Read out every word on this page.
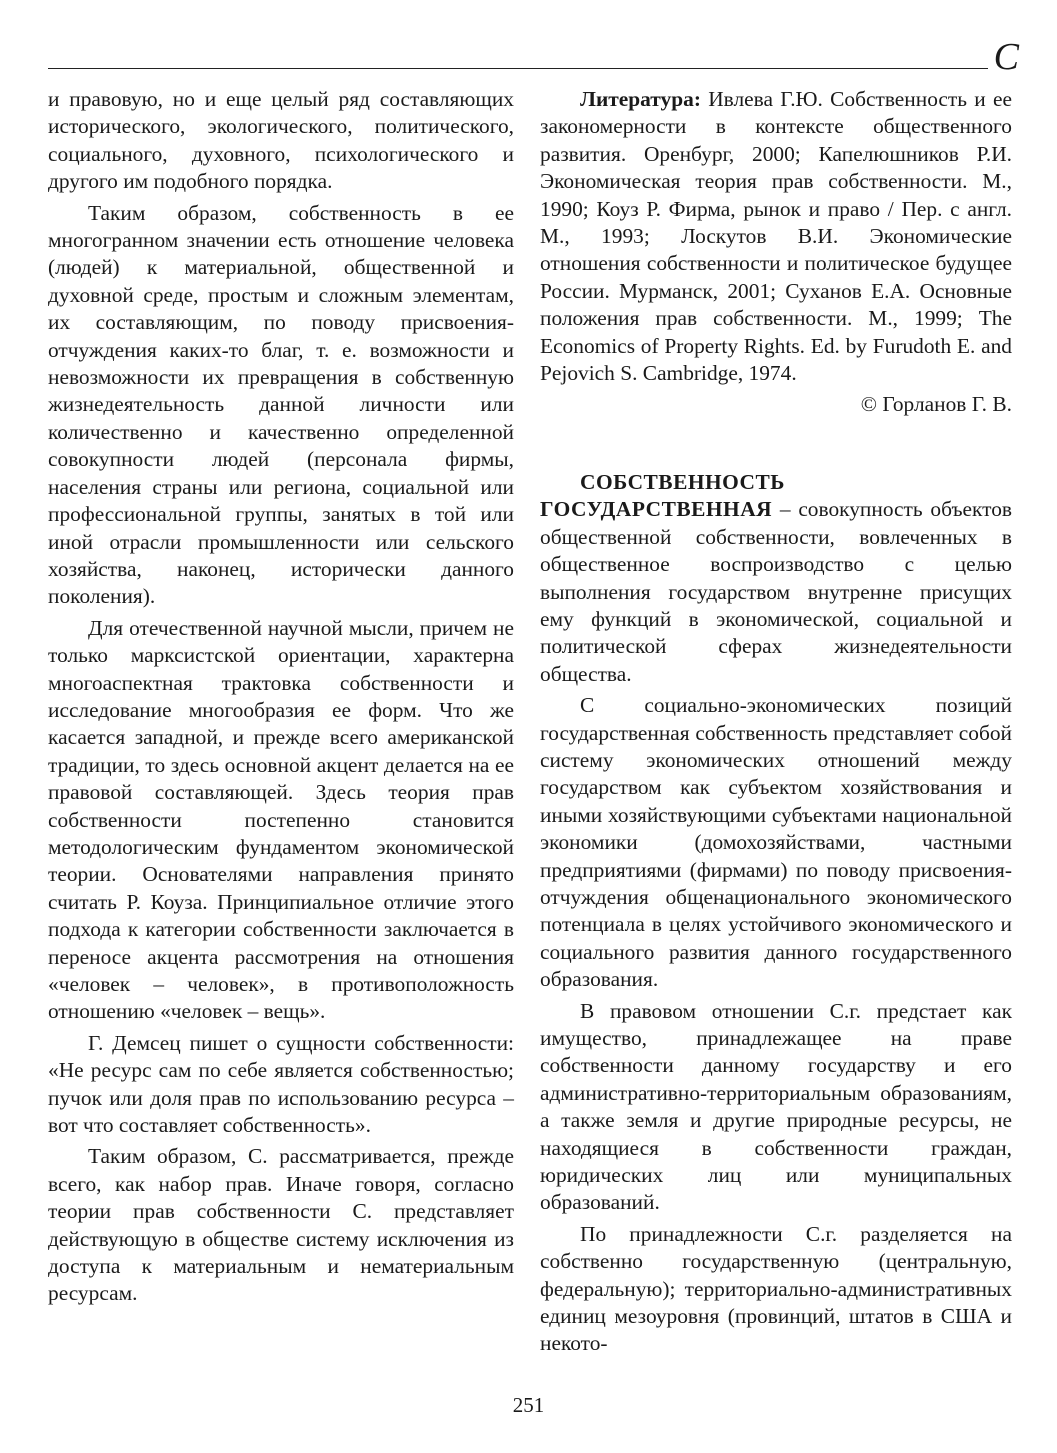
С

и правовую, но и еще целый ряд составляющих исторического, экологического, политического, социального, духовного, психологического и другого им подобного порядка.

Таким образом, собственность в ее многогранном значении есть отношение человека (людей) к материальной, общественной и духовной среде, простым и сложным элементам, их составляющим, по поводу присвоения-отчуждения каких-то благ, т. е. возможности и невозможности их превращения в собственную жизнедеятельность данной личности или количественно и качественно определенной совокупности людей (персонала фирмы, населения страны или региона, социальной или профессиональной группы, занятых в той или иной отрасли промышленности или сельского хозяйства, наконец, исторически данного поколения).

Для отечественной научной мысли, причем не только марксистской ориентации, характерна многоаспектная трактовка собственности и исследование многообразия ее форм. Что же касается западной, и прежде всего американской традиции, то здесь основной акцент делается на ее правовой составляющей. Здесь теория прав собственности постепенно становится методологическим фундаментом экономической теории. Основателями направления принято считать Р. Коуза. Принципиальное отличие этого подхода к категории собственности заключается в переносе акцента рассмотрения на отношения «человек – человек», в противоположность отношению «человек – вещь».

Г. Демсец пишет о сущности собственности: «Не ресурс сам по себе является собственностью; пучок или доля прав по использованию ресурса – вот что составляет собственность».

Таким образом, С. рассматривается, прежде всего, как набор прав. Иначе говоря, согласно теории прав собственности С. представляет действующую в обществе систему исключения из доступа к материальным и нематериальным ресурсам.

Литература: Ивлева Г.Ю. Собственность и ее закономерности в контексте общественного развития. Оренбург, 2000; Капелюшников Р.И. Экономическая теория прав собственности. М., 1990; Коуз Р. Фирма, рынок и право / Пер. с англ. М., 1993; Лоскутов В.И. Экономические отношения собственности и политическое будущее России. Мурманск, 2001; Суханов Е.А. Основные положения прав собственности. М., 1999; The Economics of Property Rights. Ed. by Furudoth E. and Pejovich S. Cambridge, 1974.

© Горланов Г. В.

СОБСТВЕННОСТЬ ГОСУДАРСТВЕННАЯ – совокупность объектов общественной собственности, вовлеченных в общественное воспроизводство с целью выполнения государством внутренне присущих ему функций в экономической, социальной и политической сферах жизнедеятельности общества.

С социально-экономических позиций государственная собственность представляет собой систему экономических отношений между государством как субъектом хозяйствования и иными хозяйствующими субъектами национальной экономики (домохозяйствами, частными предприятиями (фирмами) по поводу присвоения-отчуждения общенационального экономического потенциала в целях устойчивого экономического и социального развития данного государственного образования.

В правовом отношении С.г. предстает как имущество, принадлежащее на праве собственности данному государству и его административно-территориальным образованиям, а также земля и другие природные ресурсы, не находящиеся в собственности граждан, юридических лиц или муниципальных образований.

По принадлежности С.г. разделяется на собственно государственную (центральную, федеральную); территориально-административных единиц мезоуровня (провинций, штатов в США и некото-

251
